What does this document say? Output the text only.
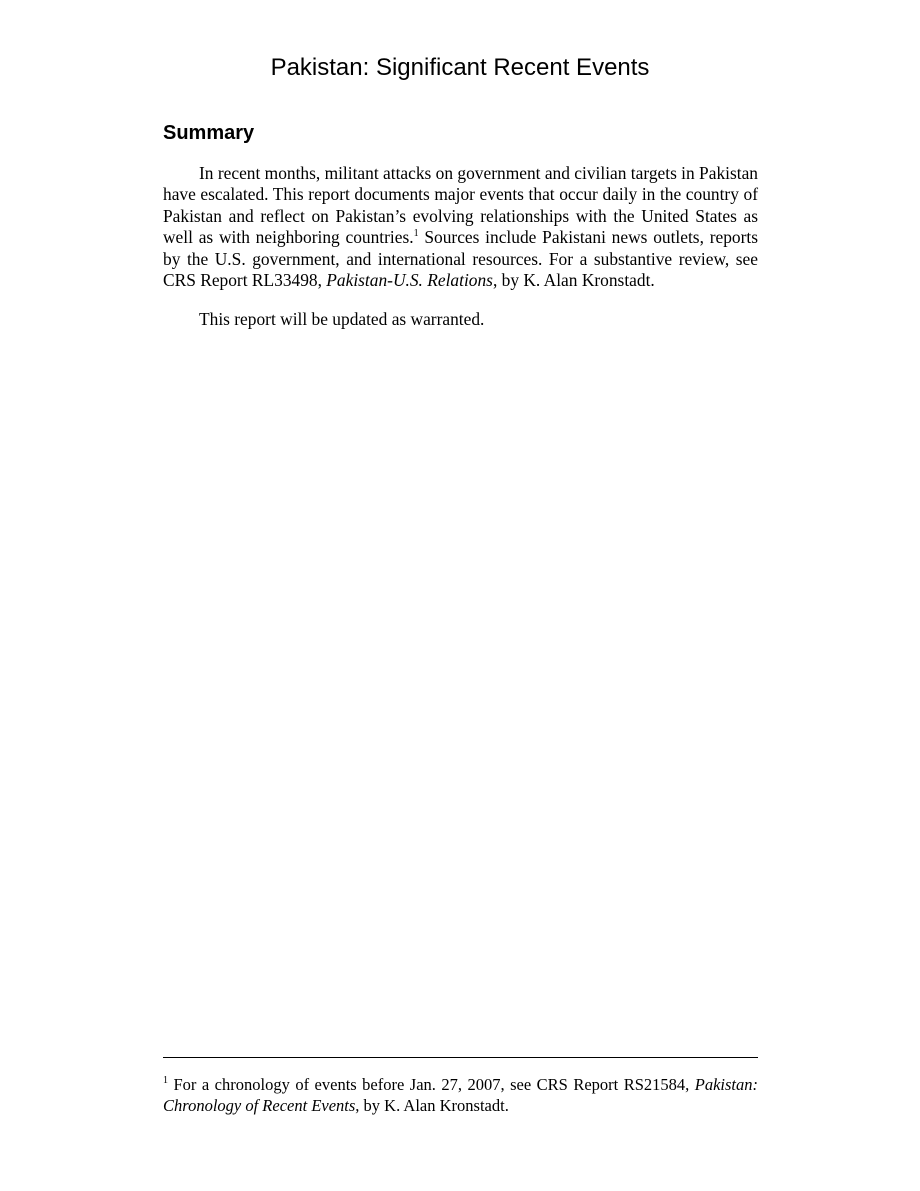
Pakistan: Significant Recent Events
Summary

In recent months, militant attacks on government and civilian targets in Pakistan have escalated. This report documents major events that occur daily in the country of Pakistan and reflect on Pakistan’s evolving relationships with the United States as well as with neighboring countries.$^1$ Sources include Pakistani news outlets, reports by the U.S. government, and international resources. For a substantive review, see CRS Report RL33498, Pakistan-U.S. Relations, by K. Alan Kronstadt.

This report will be updated as warranted.

$^1$ For a chronology of events before Jan. 27, 2007, see CRS Report RS21584, Pakistan: Chronology of Recent Events, by K. Alan Kronstadt.
